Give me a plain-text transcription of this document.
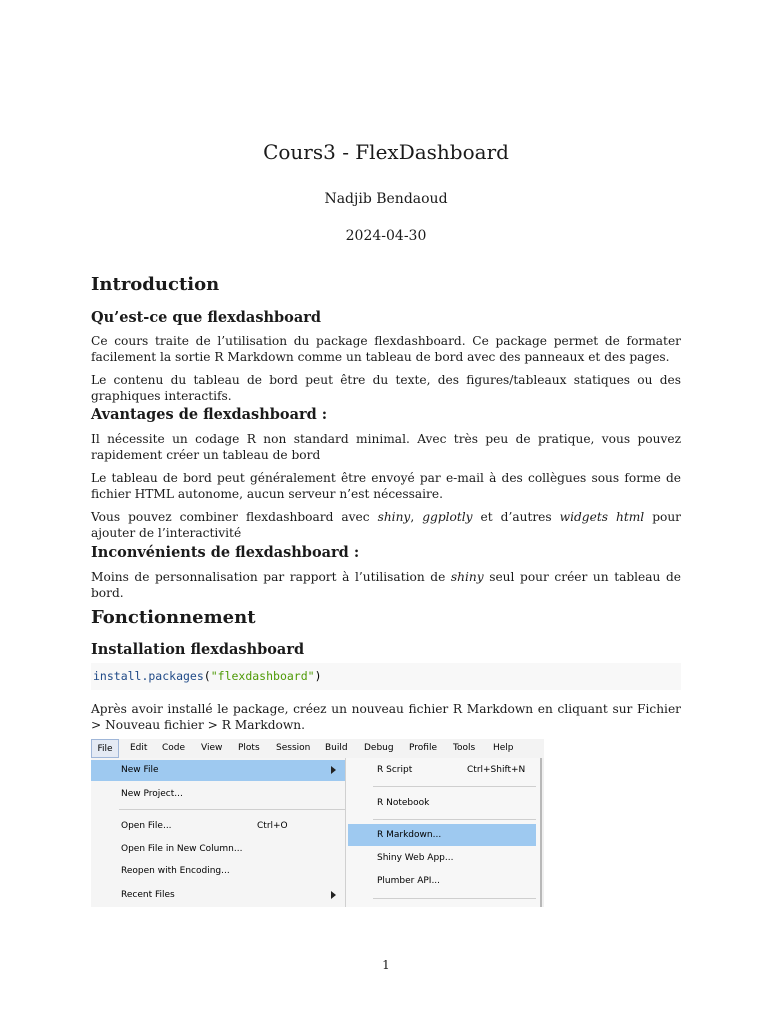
Cours3 - FlexDashboard
Nadjib Bendaoud
2024-04-30
Introduction
Qu’est-ce que flexdashboard

Ce cours traite de l’utilisation du package flexdashboard. Ce package permet de formater facilement la sortie R Markdown comme un tableau de bord avec des panneaux et des pages.

Le contenu du tableau de bord peut être du texte, des figures/tableaux statiques ou des graphiques interactifs.

Avantages de flexdashboard :

Il nécessite un codage R non standard minimal. Avec très peu de pratique, vous pouvez rapidement créer un tableau de bord

Le tableau de bord peut généralement être envoyé par e-mail à des collègues sous forme de fichier HTML autonome, aucun serveur n’est nécessaire.

Vous pouvez combiner flexdashboard avec shiny, ggplotly et d’autres widgets html pour ajouter de l’interactivité

Inconvénients de flexdashboard :

Moins de personnalisation par rapport à l’utilisation de shiny seul pour créer un tableau de bord.

Fonctionnement
Installation flexdashboard
install.packages("flexdashboard")

Après avoir installé le package, créez un nouveau fichier R Markdown en cliquant sur Fichier > Nouveau fichier > R Markdown.

File	Edit Code View Plots Session Build Debug Profile Tools Help
New File
New Project...
Open File...	Ctrl+O
Open File in New Column...
Reopen with Encoding...
Recent Files
R Script	Ctrl+Shift+N
R Notebook
R Markdown...
Shiny Web App...
Plumber API...
1
